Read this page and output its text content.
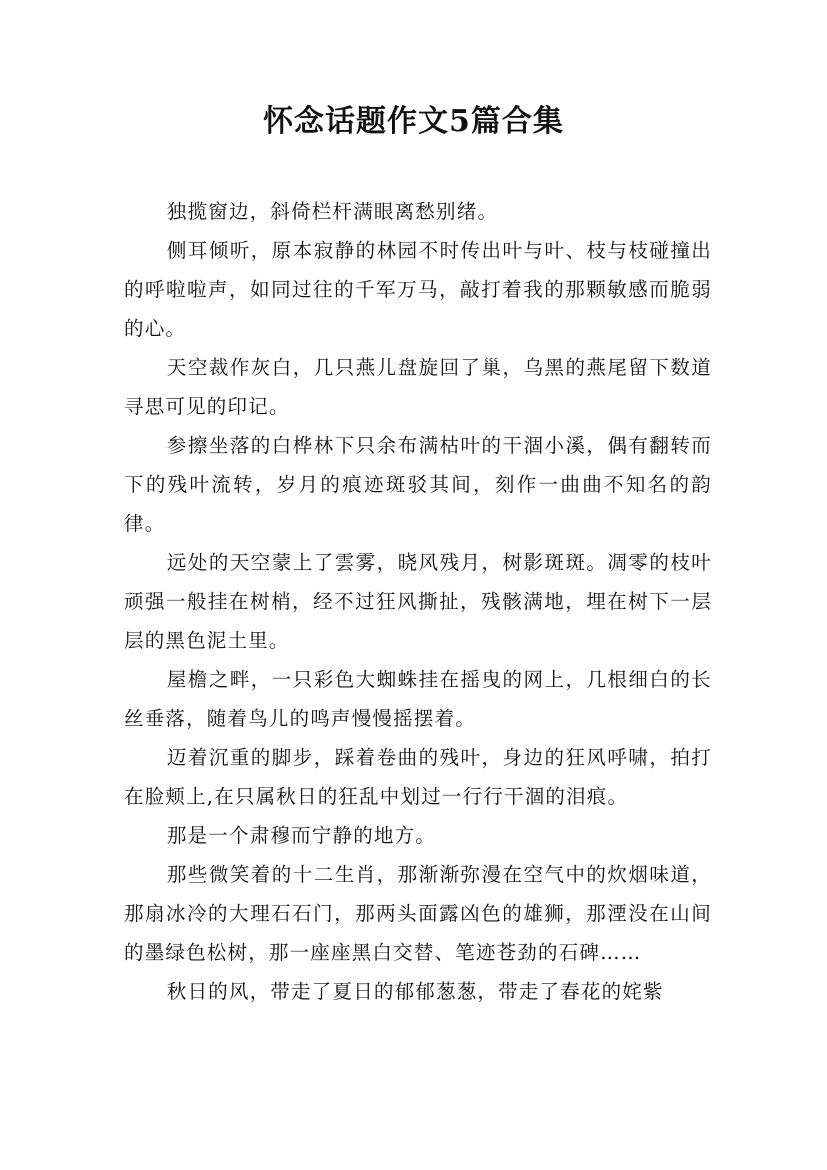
怀念话题作文5篇合集

独揽窗边，斜倚栏杆满眼离愁别绪。

侧耳倾听，原本寂静的林园不时传出叶与叶、枝与枝碰撞出的呼啦啦声，如同过往的千军万马，敲打着我的那颗敏感而脆弱的心。

天空裁作灰白，几只燕儿盘旋回了巢，乌黑的燕尾留下数道寻思可见的印记。

参擦坐落的白桦林下只余布满枯叶的干涸小溪，偶有翻转而下的残叶流转，岁月的痕迹斑驳其间，刻作一曲曲不知名的韵律。

远处的天空蒙上了雲雾，晓风残月，树影斑斑。凋零的枝叶顽强一般挂在树梢，经不过狂风撕扯，残骸满地，埋在树下一层层的黑色泥土里。

屋檐之畔，一只彩色大蜘蛛挂在摇曳的网上，几根细白的长丝垂落，随着鸟儿的鸣声慢慢摇摆着。

迈着沉重的脚步，踩着卷曲的残叶，身边的狂风呼啸，拍打在脸颊上,在只属秋日的狂乱中划过一行行干涸的泪痕。

那是一个肃穆而宁静的地方。

那些微笑着的十二生肖，那渐渐弥漫在空气中的炊烟味道，那扇冰冷的大理石石门，那两头面露凶色的雄狮，那湮没在山间的墨绿色松树，那一座座黑白交替、笔迹苍劲的石碑……

秋日的风，带走了夏日的郁郁葱葱，带走了春花的姹紫
